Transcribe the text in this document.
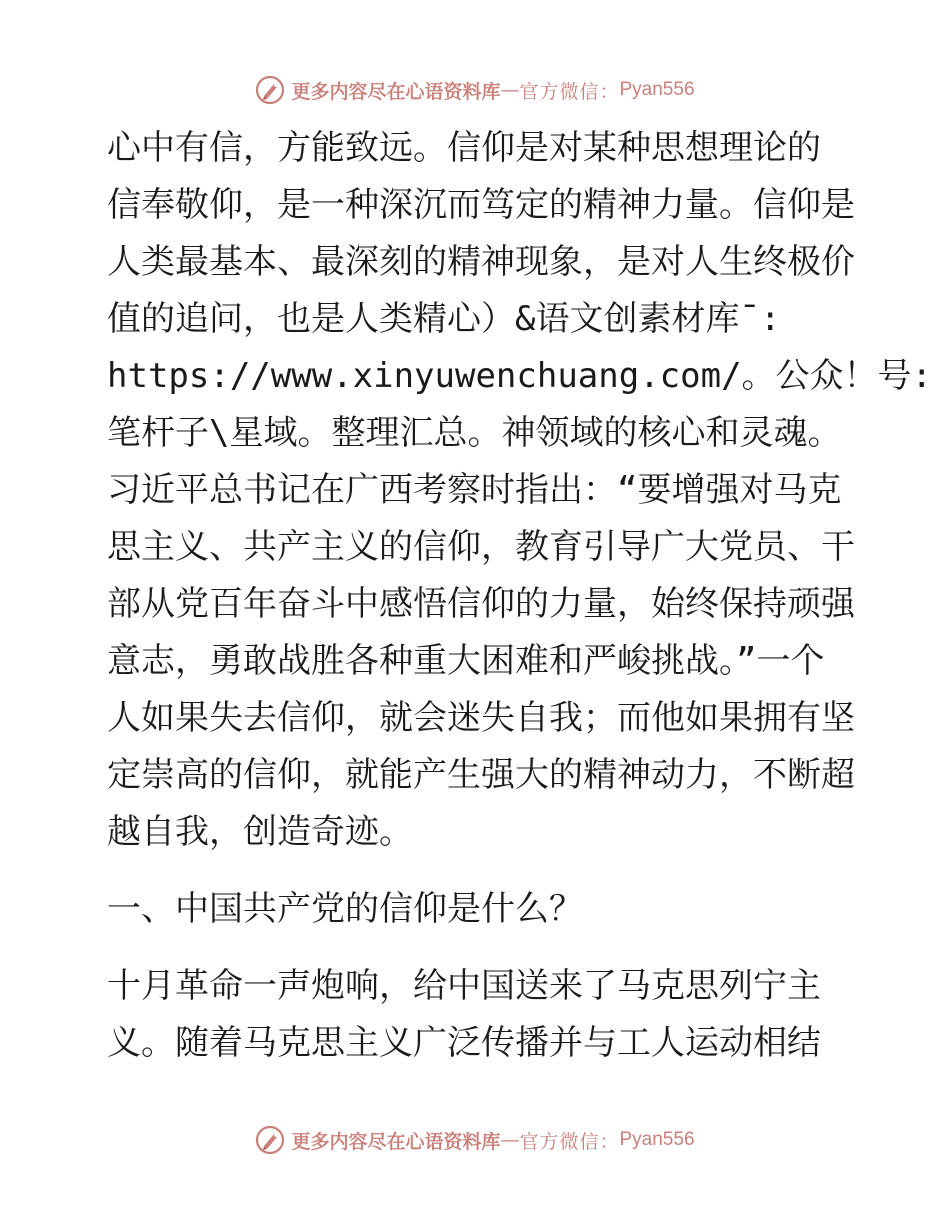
更多内容尽在心语资料库 — 官方微信： Pyan556

心中有信，方能致远。信仰是对某种思想理论的
信奉敬仰，是一种深沉而笃定的精神力量。信仰是
人类最基本、最深刻的精神现象，是对人生终极价
值的追问，也是人类精心）&语文创素材库¯:
https://www.xinyuwenchuang.com/。公众！号:
笔杆子\星域。整理汇总。神领域的核心和灵魂。
习近平总书记在广西考察时指出：“要增强对马克
思主义、共产主义的信仰，教育引导广大党员、干
部从党百年奋斗中感悟信仰的力量，始终保持顽强
意志，勇敢战胜各种重大困难和严峻挑战。”一个
人如果失去信仰，就会迷失自我；而他如果拥有坚
定崇高的信仰，就能产生强大的精神动力，不断超
越自我，创造奇迹。

一、中国共产党的信仰是什么？

十月革命一声炮响，给中国送来了马克思列宁主
义。随着马克思主义广泛传播并与工人运动相结

更多内容尽在心语资料库 — 官方微信： Pyan556
